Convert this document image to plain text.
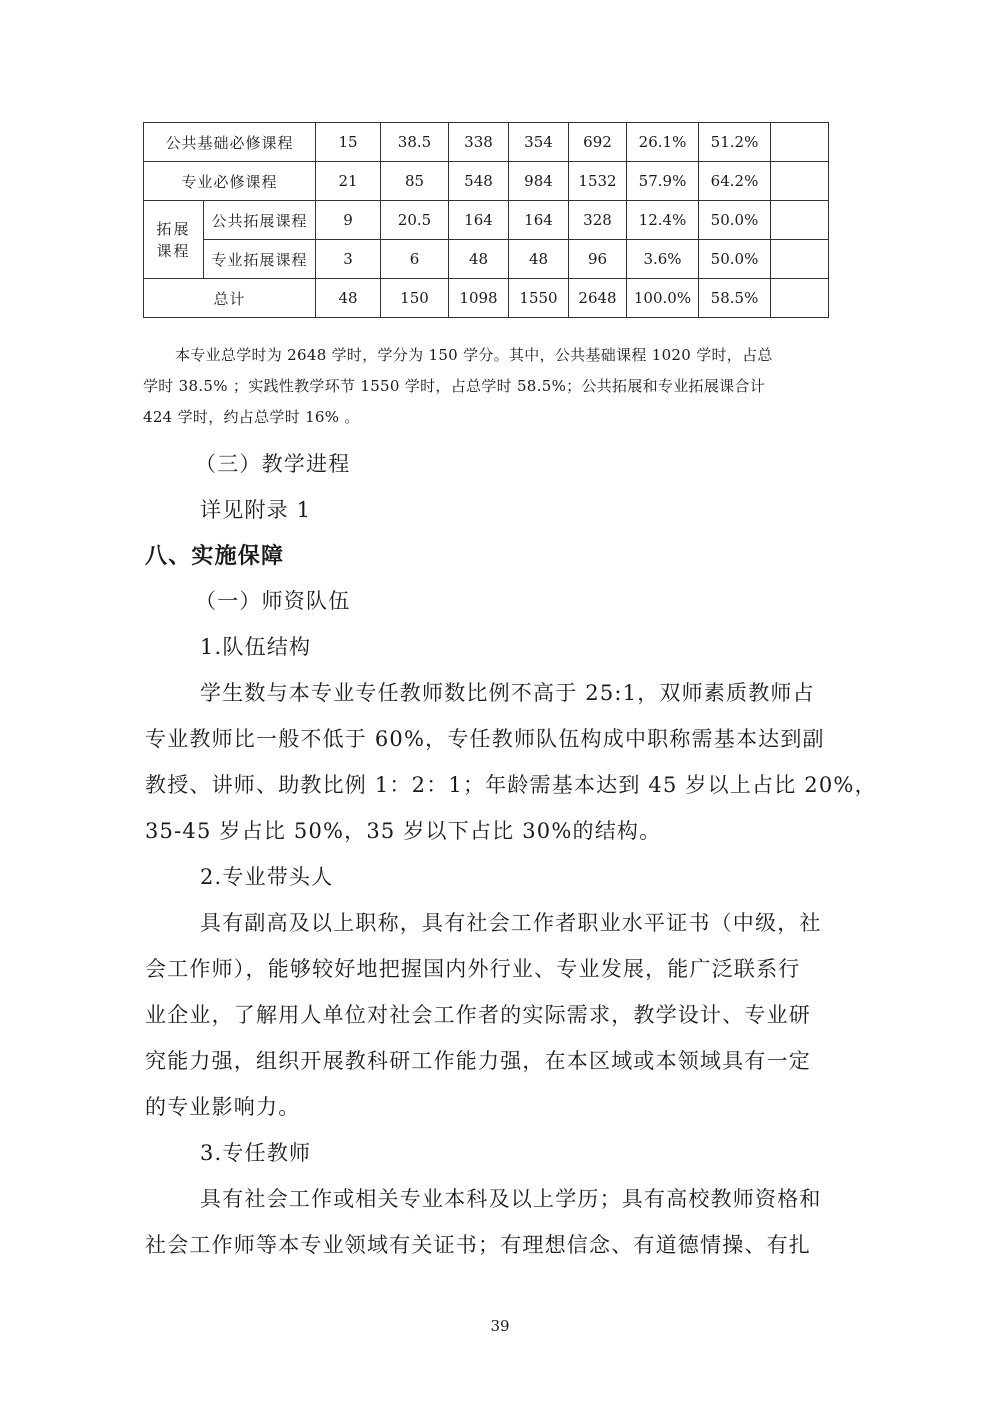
公共基础必修课程		15	38.5	338	354	692	26.1%	51.2%	
专业必修课程		21	85	548	984	1532	57.9%	64.2%	
拓展课程	公共拓展课程	9	20.5	164	164	328	12.4%	50.0%	
	专业拓展课程	3	6	48	48	96	3.6%	50.0%	
总计		48	150	1098	1550	2648	100.0%	58.5%	

本专业总学时为 2648 学时，学分为 150 学分。其中，公共基础课程 1020 学时，占总
学时 38.5% ；实践性教学环节 1550 学时，占总学时 58.5%；公共拓展和专业拓展课合计
424 学时，约占总学时 16% 。

（三）教学进程

详见附录 1

八、实施保障

（一）师资队伍

1.队伍结构

学生数与本专业专任教师数比例不高于 25:1，双师素质教师占

专业教师比一般不低于 60%，专任教师队伍构成中职称需基本达到副

教授、讲师、助教比例 1：2：1；年龄需基本达到 45 岁以上占比 20%，

35-45 岁占比 50%，35 岁以下占比 30%的结构。

2.专业带头人

具有副高及以上职称，具有社会工作者职业水平证书（中级，社

会工作师），能够较好地把握国内外行业、专业发展，能广泛联系行

业企业，了解用人单位对社会工作者的实际需求，教学设计、专业研

究能力强，组织开展教科研工作能力强，在本区域或本领域具有一定

的专业影响力。

3.专任教师

具有社会工作或相关专业本科及以上学历；具有高校教师资格和

社会工作师等本专业领域有关证书；有理想信念、有道德情操、有扎

39
